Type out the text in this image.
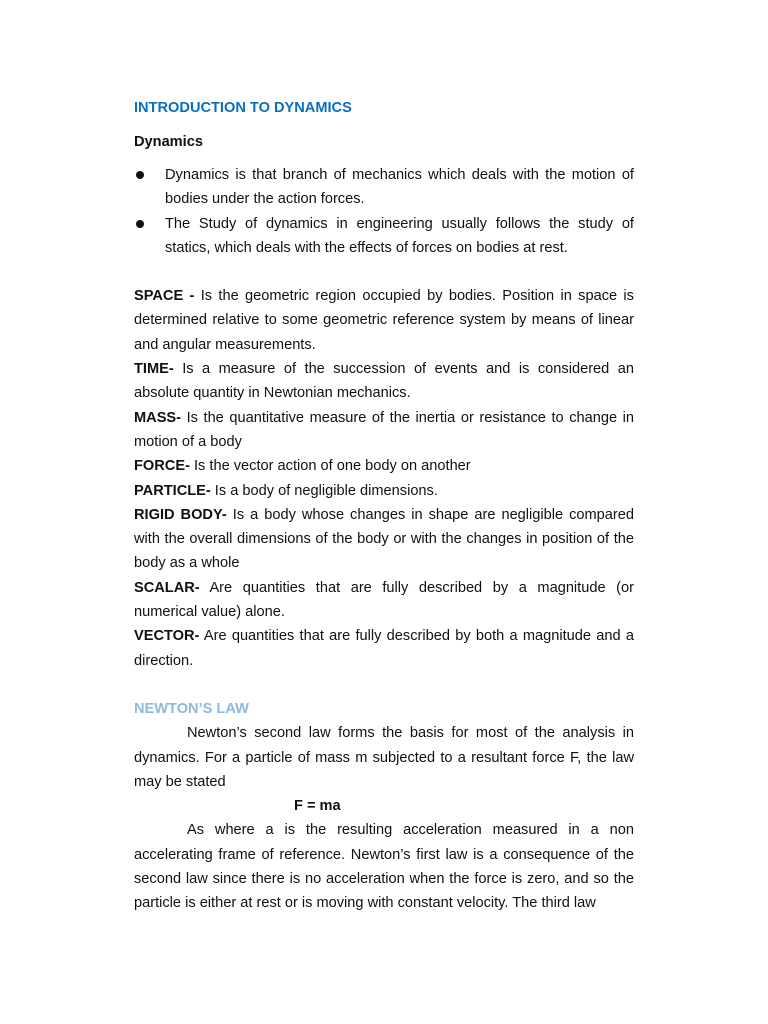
INTRODUCTION TO DYNAMICS
Dynamics
Dynamics is that branch of mechanics which deals with the motion of bodies under the action forces.
The Study of dynamics in engineering usually follows the study of statics, which deals with the effects of forces on bodies at rest.

SPACE - Is the geometric region occupied by bodies. Position in space is determined relative to some geometric reference system by means of linear and angular measurements.

TIME- Is a measure of the succession of events and is considered an absolute quantity in Newtonian mechanics.

MASS- Is the quantitative measure of the inertia or resistance to change in motion of a body

FORCE- Is the vector action of one body on another

PARTICLE- Is a body of negligible dimensions.

RIGID BODY- Is a body whose changes in shape are negligible compared with the overall dimensions of the body or with the changes in position of the body as a whole

SCALAR- Are quantities that are fully described by a magnitude (or numerical value) alone.

VECTOR- Are quantities that are fully described by both a magnitude and a direction.

NEWTON’S LAW

Newton’s second law forms the basis for most of the analysis in dynamics. For a particle of mass m subjected to a resultant force F, the law may be stated

F = ma

As where a is the resulting acceleration measured in a non accelerating frame of reference. Newton’s first law is a consequence of the second law since there is no acceleration when the force is zero, and so the particle is either at rest or is moving with constant velocity. The third law
